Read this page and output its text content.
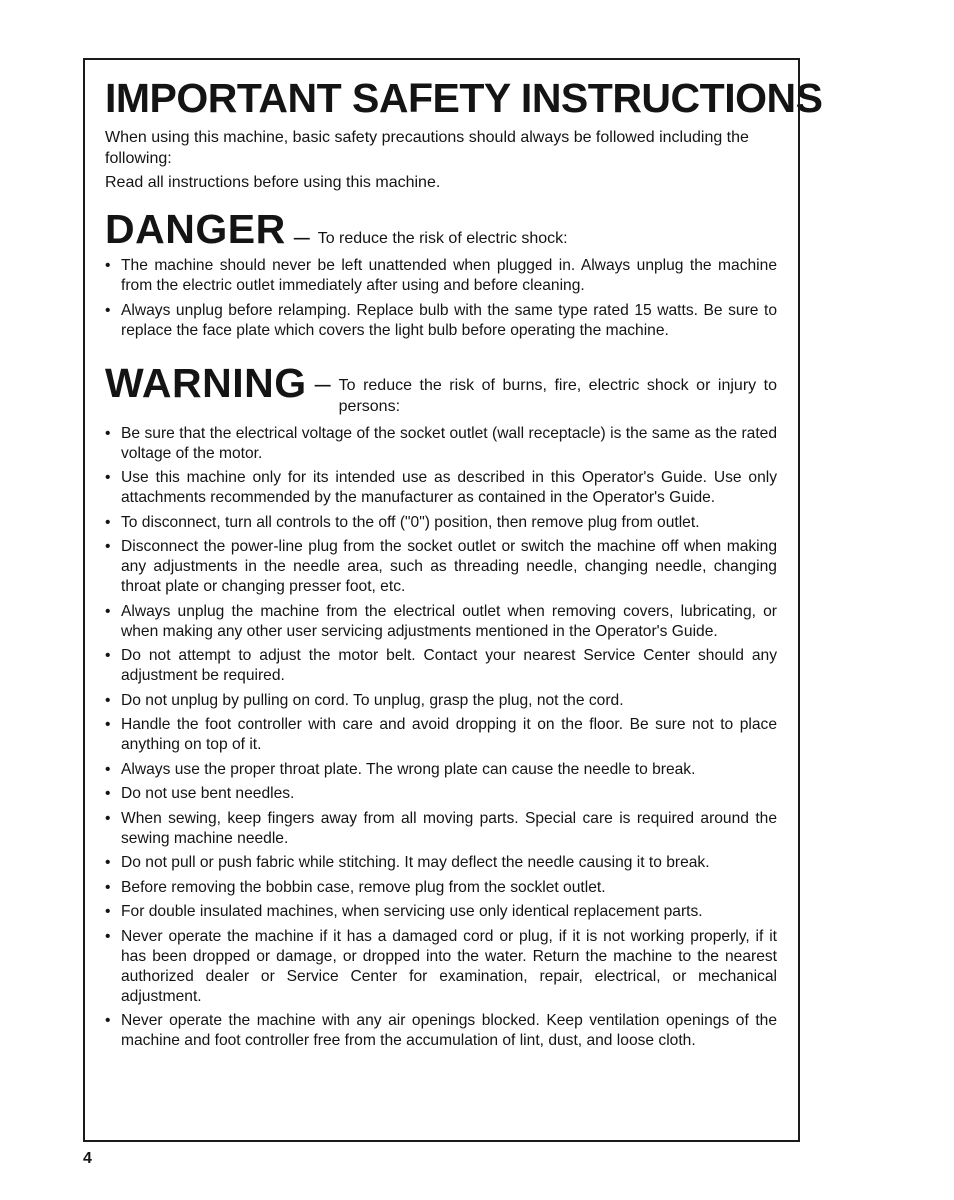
IMPORTANT SAFETY INSTRUCTIONS

When using this machine, basic safety precautions should always be followed including the following:

Read all instructions before using this machine.

DANGER — To reduce the risk of electric shock:
• The machine should never be left unattended when plugged in. Always unplug the machine from the electric outlet immediately after using and before cleaning.
• Always unplug before relamping. Replace bulb with the same type rated 15 watts. Be sure to replace the face plate which covers the light bulb before operating the machine.
WARNING — To reduce the risk of burns, fire, electric shock or injury to persons:
• Be sure that the electrical voltage of the socket outlet (wall receptacle) is the same as the rated voltage of the motor.
• Use this machine only for its intended use as described in this Operator's Guide. Use only attachments recommended by the manufacturer as contained in the Operator's Guide.
• To disconnect, turn all controls to the off ("0") position, then remove plug from outlet.
• Disconnect the power-line plug from the socket outlet or switch the machine off when making any adjustments in the needle area, such as threading needle, changing needle, changing throat plate or changing presser foot, etc.
• Always unplug the machine from the electrical outlet when removing covers, lubricating, or when making any other user servicing adjustments mentioned in the Operator's Guide.
• Do not attempt to adjust the motor belt. Contact your nearest Service Center should any adjustment be required.
• Do not unplug by pulling on cord. To unplug, grasp the plug, not the cord.
• Handle the foot controller with care and avoid dropping it on the floor. Be sure not to place anything on top of it.
• Always use the proper throat plate. The wrong plate can cause the needle to break.
• Do not use bent needles.
• When sewing, keep fingers away from all moving parts. Special care is required around the sewing machine needle.
• Do not pull or push fabric while stitching. It may deflect the needle causing it to break.
• Before removing the bobbin case, remove plug from the socklet outlet.
• For double insulated machines, when servicing use only identical replacement parts.
• Never operate the machine if it has a damaged cord or plug, if it is not working properly, if it has been dropped or damage, or dropped into the water. Return the machine to the nearest authorized dealer or Service Center for examination, repair, electrical, or mechanical adjustment.
• Never operate the machine with any air openings blocked. Keep ventilation openings of the machine and foot controller free from the accumulation of lint, dust, and loose cloth.
4
